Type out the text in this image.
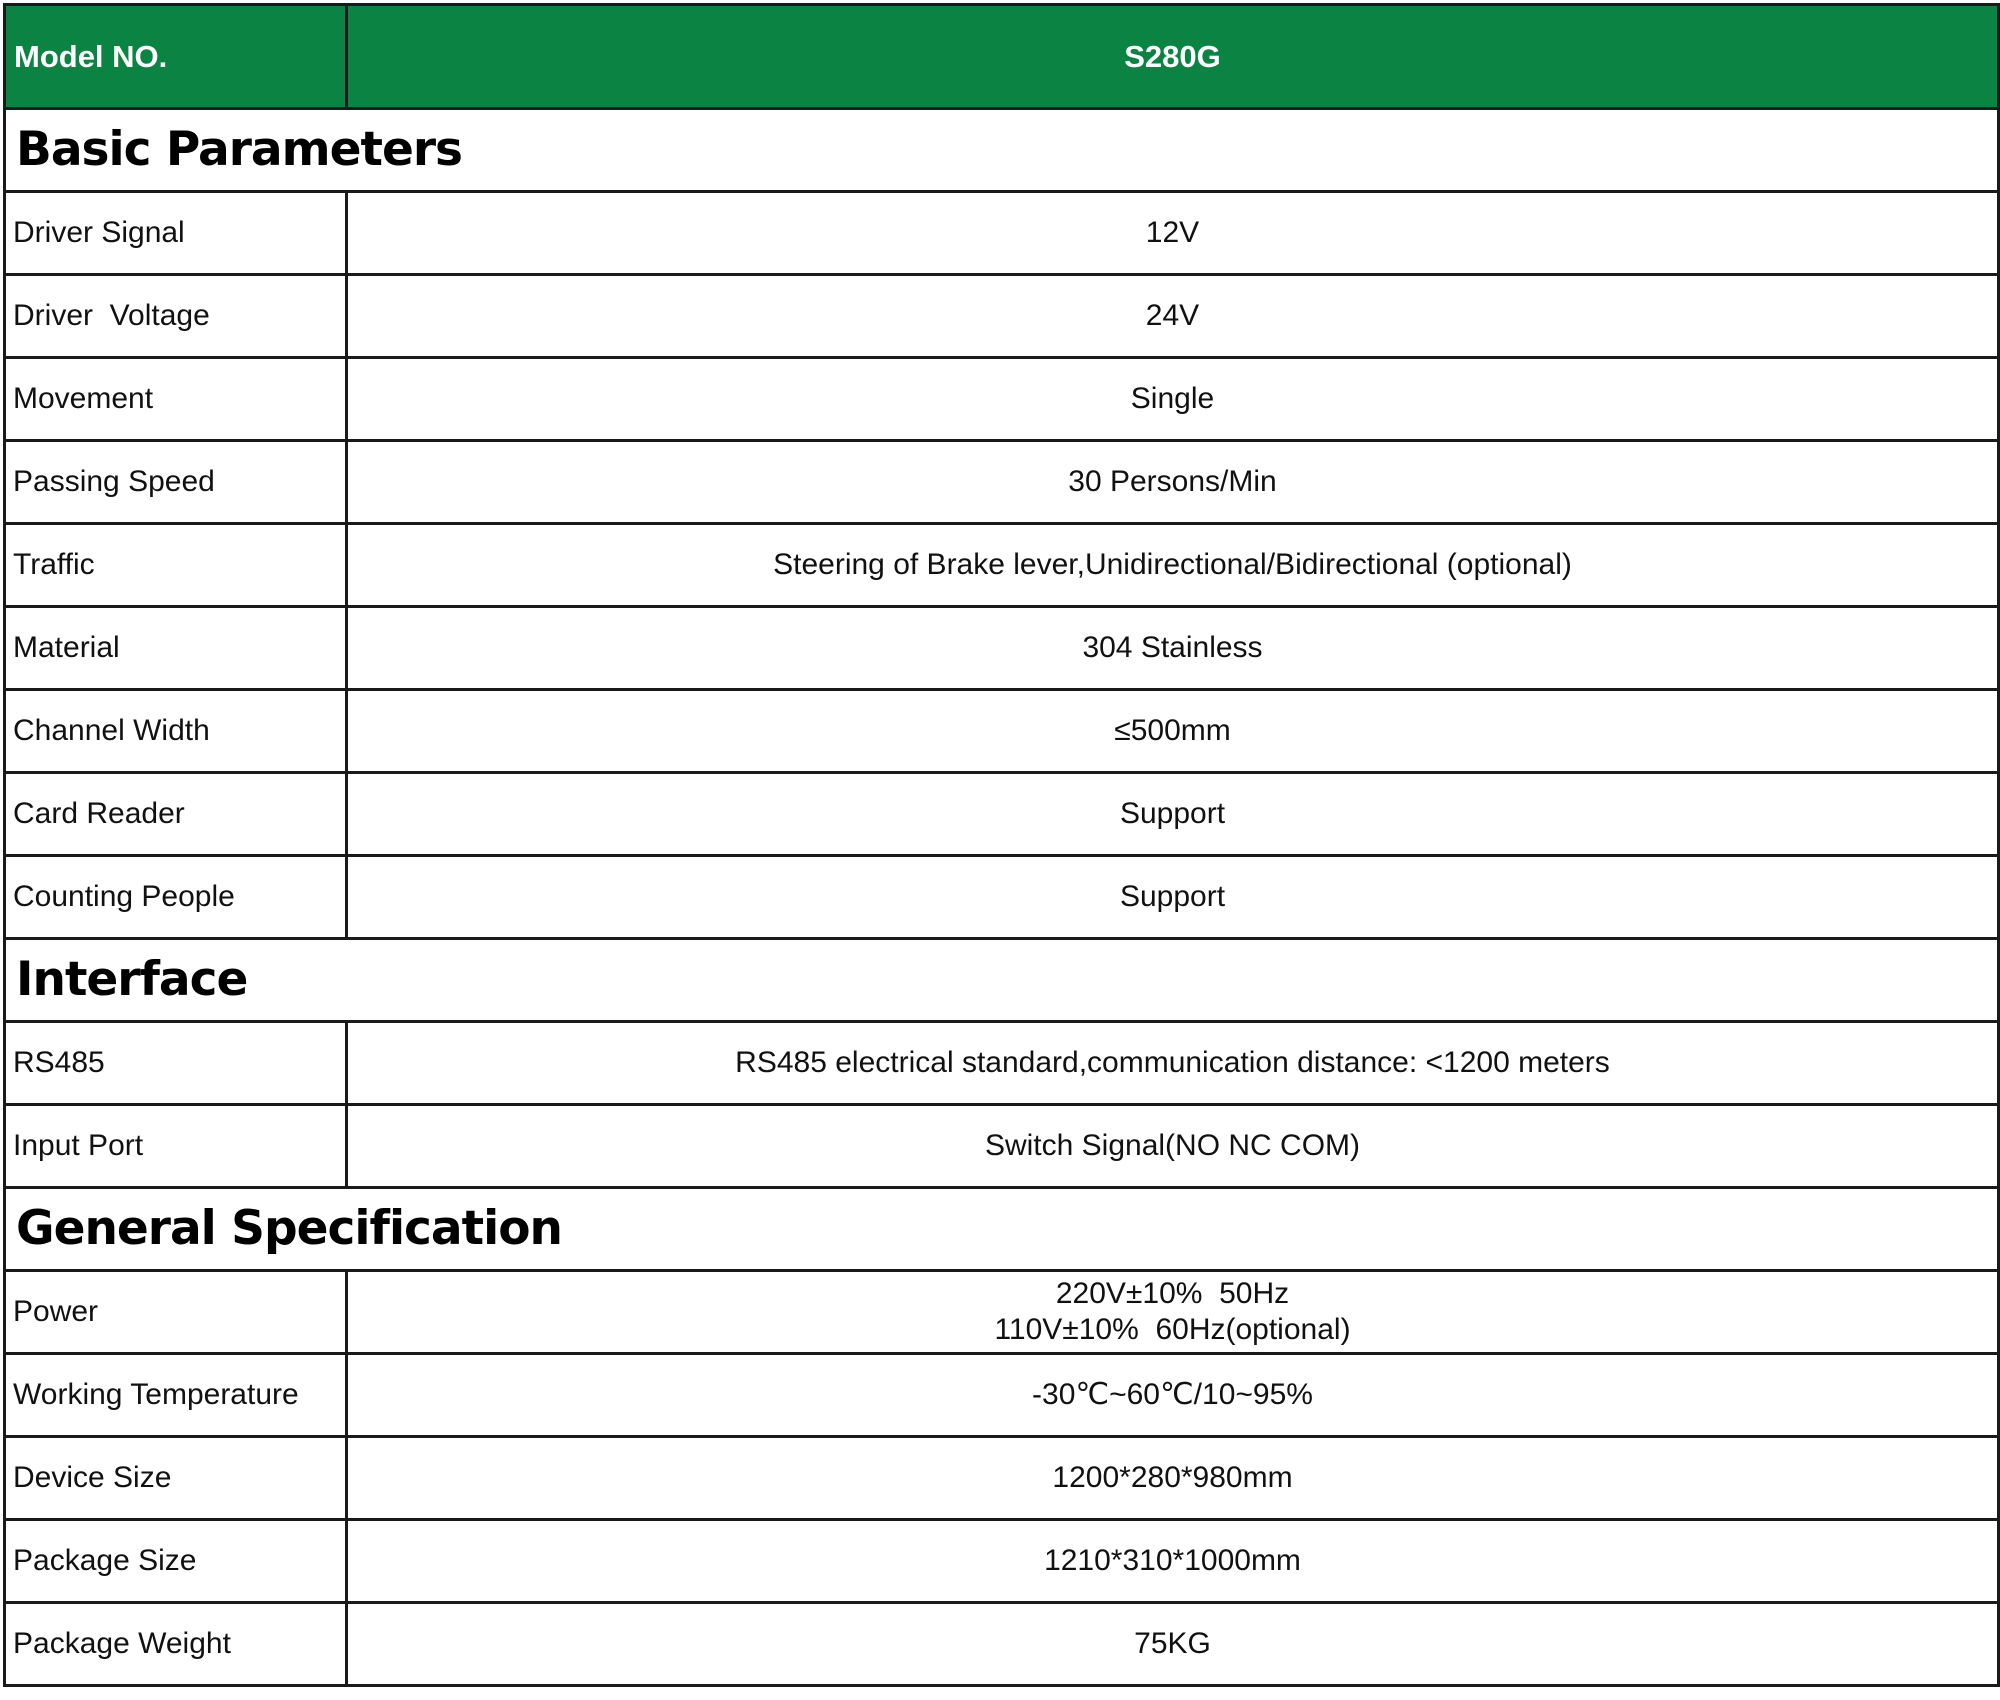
Model NO.	S280G
Basic Parameters	
Driver Signal	12V
Driver  Voltage	24V
Movement	Single
Passing Speed	30 Persons/Min
Traffic	Steering of Brake lever,Unidirectional/Bidirectional (optional)
Material	304 Stainless
Channel Width	≤500mm
Card Reader	Support
Counting People	Support
Interface	
RS485	RS485 electrical standard,communication distance: <1200 meters
Input Port	Switch Signal(NO NC COM)
General Specification	
Power	220V±10%  50Hz
110V±10%  60Hz(optional)

Working Temperature	-30℃~60℃/10~95%
Device Size	1200*280*980mm
Package Size	1210*310*1000mm
Package Weight	75KG
